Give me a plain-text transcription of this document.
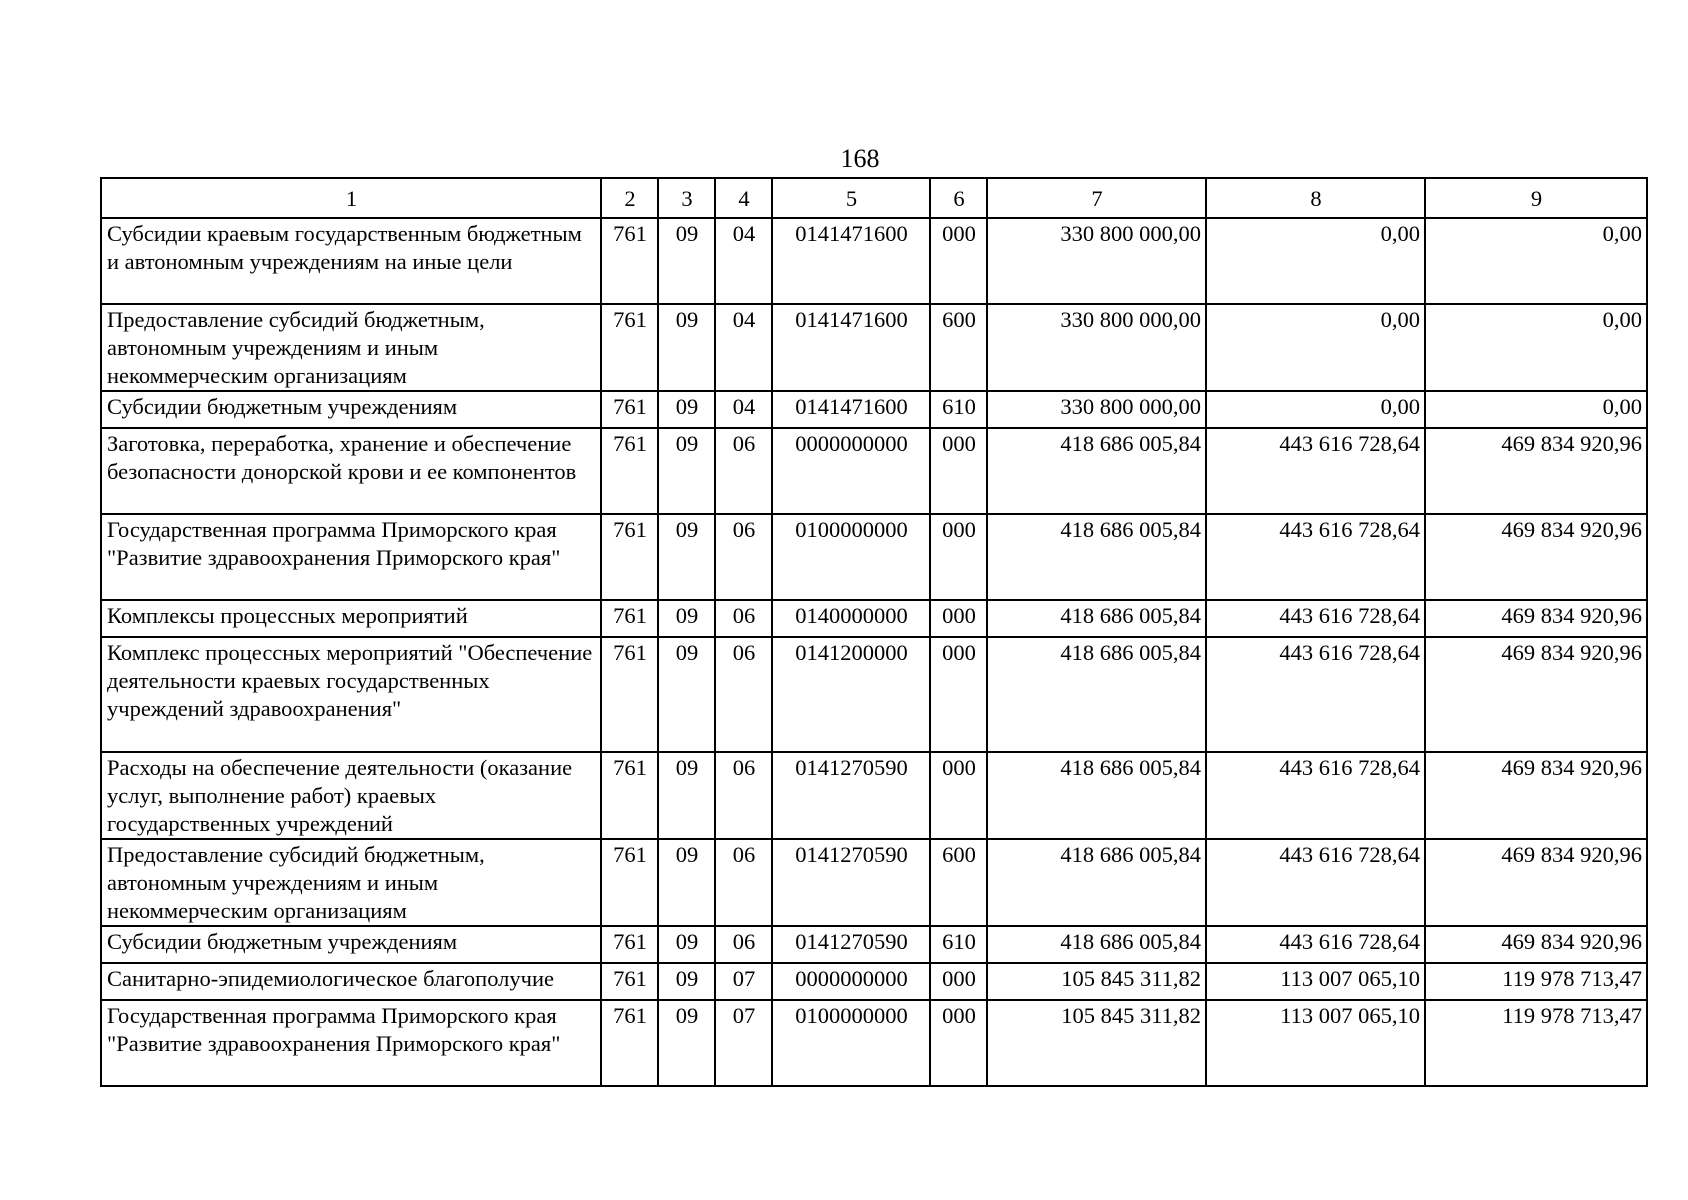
168
1	2	3	4	5	6	7	8	9
Субсидии краевым государственным бюджетным и автономным учреждениям на иные цели	761	09	04	0141471600	000	330 800 000,00	0,00	0,00
Предоставление субсидий бюджетным, автономным учреждениям и иным некоммерческим организациям	761	09	04	0141471600	600	330 800 000,00	0,00	0,00
Субсидии бюджетным учреждениям	761	09	04	0141471600	610	330 800 000,00	0,00	0,00
Заготовка, переработка, хранение и обеспечение безопасности донорской крови и ее компонентов	761	09	06	0000000000	000	418 686 005,84	443 616 728,64	469 834 920,96
Государственная программа Приморского края "Развитие здравоохранения Приморского края"	761	09	06	0100000000	000	418 686 005,84	443 616 728,64	469 834 920,96
Комплексы процессных мероприятий	761	09	06	0140000000	000	418 686 005,84	443 616 728,64	469 834 920,96
Комплекс процессных мероприятий "Обеспечение деятельности краевых государственных учреждений здравоохранения"	761	09	06	0141200000	000	418 686 005,84	443 616 728,64	469 834 920,96
Расходы на обеспечение деятельности (оказание услуг, выполнение работ) краевых государственных учреждений	761	09	06	0141270590	000	418 686 005,84	443 616 728,64	469 834 920,96
Предоставление субсидий бюджетным, автономным учреждениям и иным некоммерческим организациям	761	09	06	0141270590	600	418 686 005,84	443 616 728,64	469 834 920,96
Субсидии бюджетным учреждениям	761	09	06	0141270590	610	418 686 005,84	443 616 728,64	469 834 920,96
Санитарно-эпидемиологическое благополучие	761	09	07	0000000000	000	105 845 311,82	113 007 065,10	119 978 713,47
Государственная программа Приморского края "Развитие здравоохранения Приморского края"	761	09	07	0100000000	000	105 845 311,82	113 007 065,10	119 978 713,47
